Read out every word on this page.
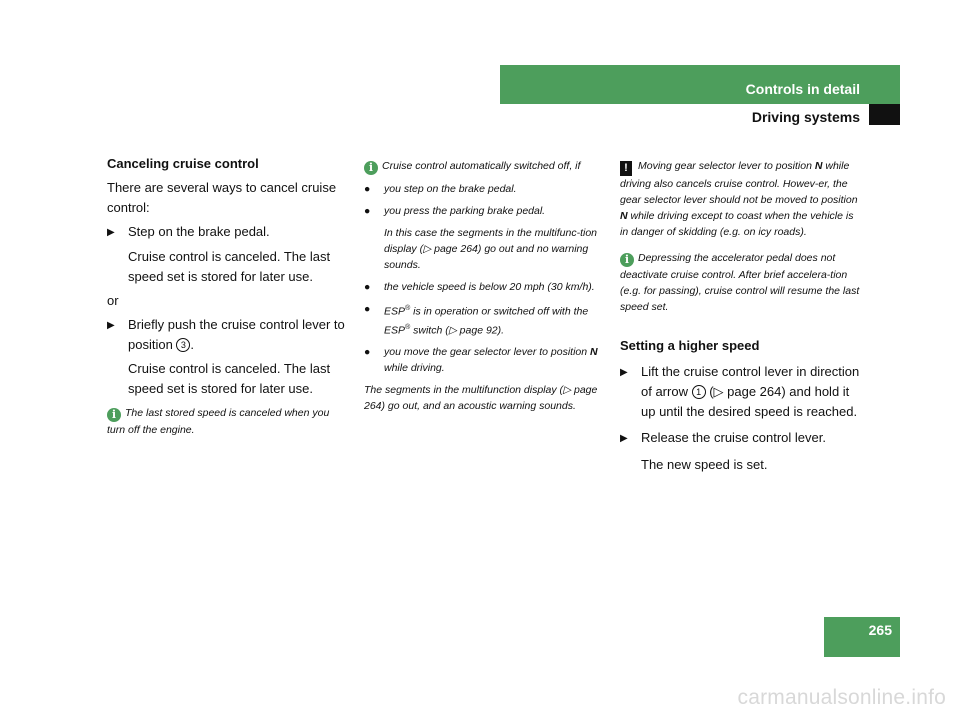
Controls in detail
Driving systems

Canceling cruise control

There are several ways to cancel cruise control:

▶	Step on the brake pedal.
Cruise control is canceled. The last speed set is stored for later use.

or

▶	Briefly push the cruise control lever to position 3 .
Cruise control is canceled. The last speed set is stored for later use.
i The last stored speed is canceled when you turn off the engine.
i Cruise control automatically switched off, if
●	you step on the brake pedal.
●	you press the parking brake pedal.
In this case the segments in the multifunc-tion display (▷ page 264) go out and no warning sounds.
●	the vehicle speed is below 20 mph (30 km/h).
●	ESP® is in operation or switched off with the ESP® switch (▷ page 92).
●	you move the gear selector lever to position N while driving.
The segments in the multifunction display (▷ page 264) go out, and an acoustic warning sounds.
! Moving gear selector lever to position N while driving also cancels cruise control. Howev-er, the gear selector lever should not be moved to position N while driving except to coast when the vehicle is in danger of skidding (e.g. on icy roads).
i Depressing the accelerator pedal does not deactivate cruise control. After brief accelera-tion (e.g. for passing), cruise control will resume the last speed set.

Setting a higher speed

▶	Lift the cruise control lever in direction of arrow 1 (▷ page 264) and hold it up until the desired speed is reached.
▶	Release the cruise control lever.
The new speed is set.
265
carmanualsonline.info
